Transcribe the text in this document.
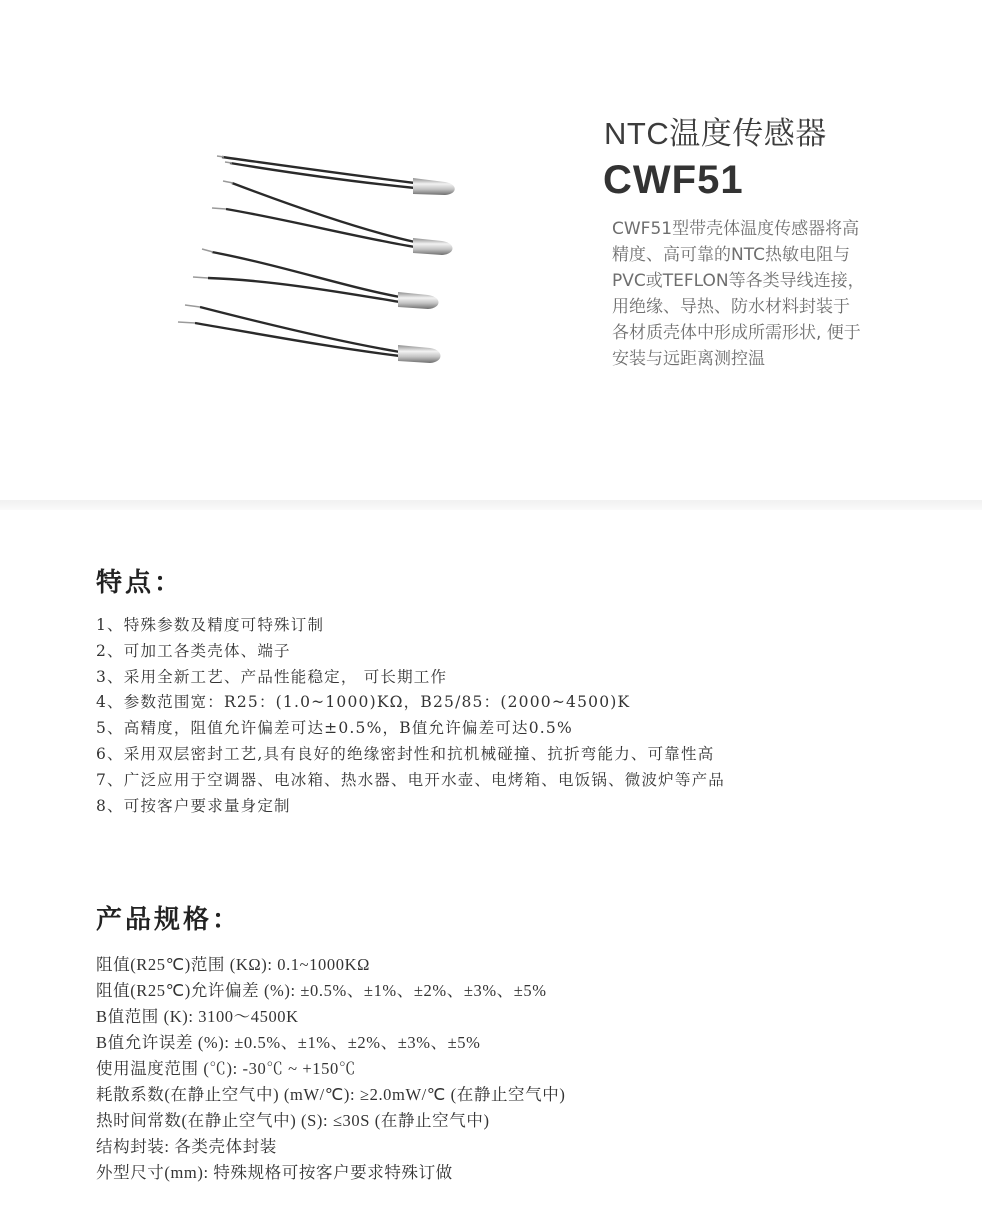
NTC温度传感器
CWF51
CWF51型带壳体温度传感器将高
精度、高可靠的NTC热敏电阻与
PVC或TEFLON等各类导线连接，
用绝缘、导热、防水材料封装于
各材质壳体中形成所需形状, 便于
安装与远距离测控温
特点：
1、特殊参数及精度可特殊订制
2、可加工各类壳体、端子
3、采用全新工艺、产品性能稳定， 可长期工作
4、参数范围宽：R25：(1.0~1000)KΩ，B25/85：(2000~4500)K
5、高精度，阻值允许偏差可达±0.5%，B值允许偏差可达0.5%
6、采用双层密封工艺,具有良好的绝缘密封性和抗机械碰撞、抗折弯能力、可靠性高
7、广泛应用于空调器、电冰箱、热水器、电开水壶、电烤箱、电饭锅、微波炉等产品
8、可按客户要求量身定制
产品规格：
阻值(R25℃)范围 (KΩ): 0.1~1000KΩ
阻值(R25℃)允许偏差 (%): ±0.5%、±1%、±2%、±3%、±5%
B值范围 (K): 3100～4500K
B值允许误差 (%): ±0.5%、±1%、±2%、±3%、±5%
使用温度范围 (℃): -30℃ ~ +150℃
耗散系数(在静止空气中) (mW/℃): ≥2.0mW/℃ (在静止空气中)
热时间常数(在静止空气中) (S): ≤30S (在静止空气中)
结构封装: 各类壳体封装
外型尺寸(mm): 特殊规格可按客户要求特殊订做
